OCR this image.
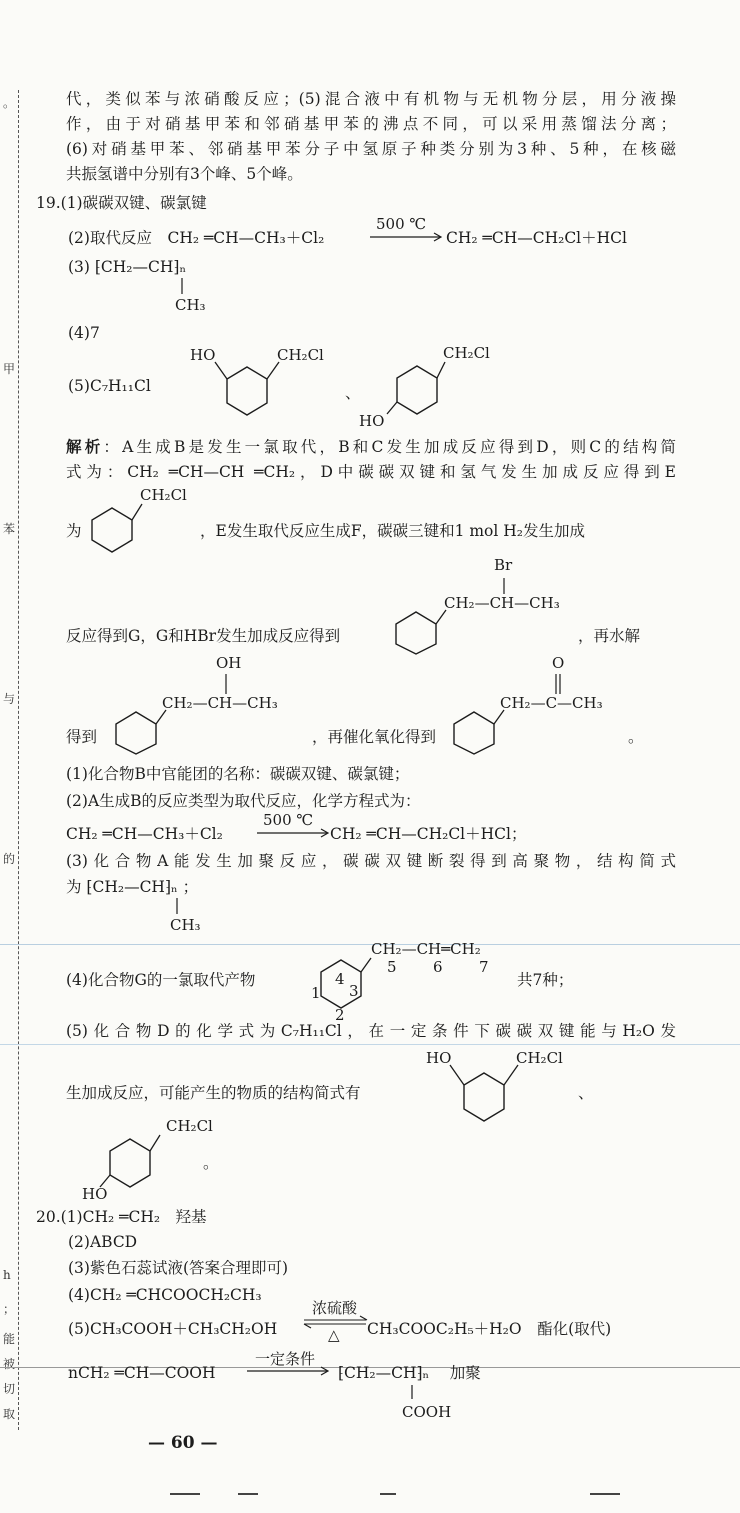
。
甲
苯
与
的
h
；
能
被
切
取
代，类似苯与浓硝酸反应；(5)混合液中有机物与无机物分层，用分液操
作，由于对硝基甲苯和邻硝基甲苯的沸点不同，可以采用蒸馏法分离；
(6)对硝基甲苯、邻硝基甲苯分子中氢原子种类分别为3种、5种，在核磁
共振氢谱中分别有3个峰、5个峰。
19.(1)碳碳双键、碳氯键
(2)取代反应　CH₂ ═CH—CH₃＋Cl₂
500 ℃
CH₂ ═CH—CH₂Cl＋HCl
(3) ⁅CH₂—CH⁆ₙ
CH₃
(4)7
(5)C₇H₁₁Cl
HO	CH₂Cl
、
CH₂Cl
HO
解析：A生成B是发生一氯取代，B和C发生加成反应得到D，则C的结构简
式为：CH₂ ═CH—CH ═CH₂，D中碳碳双键和氢气发生加成反应得到E
为
CH₂Cl
，E发生取代反应生成F，碳碳三键和1 mol H₂发生加成
反应得到G，G和HBr发生加成反应得到
CH₂—CH—CH₃
Br
，再水解
得到
CH₂—CH—CH₃
OH
，再催化氧化得到
CH₂—C—CH₃
O
。
(1)化合物B中官能团的名称：碳碳双键、碳氯键；
(2)A生成B的反应类型为取代反应，化学方程式为：
CH₂ ═CH—CH₃＋Cl₂
500 ℃
CH₂ ═CH—CH₂Cl＋HCl；
(3)化合物A能发生加聚反应，碳碳双键断裂得到高聚物，结构简式
为 ⁅CH₂—CH⁆ₙ ；
CH₃
(4)化合物G的一氯取代产物
CH₂—CH═CH₂
5 6 7
4
3
1
2
共7种；
(5)化合物D的化学式为C₇H₁₁Cl，在一定条件下碳碳双键能与H₂O发
生加成反应，可能产生的物质的结构简式有
HO	CH₂Cl
、
CH₂Cl
HO
。
20.(1)CH₂ ═CH₂　羟基
(2)ABCD
(3)紫色石蕊试液(答案合理即可)
(4)CH₂ ═CHCOOCH₂CH₃
(5)CH₃COOH＋CH₃CH₂OH
浓硫酸
△ CH₃COOC₂H₅＋H₂O　酯化(取代)
nCH₂ ═CH—COOH
一定条件
⁅CH₂—CH⁆ₙ　 加聚
COOH
— 60 —
